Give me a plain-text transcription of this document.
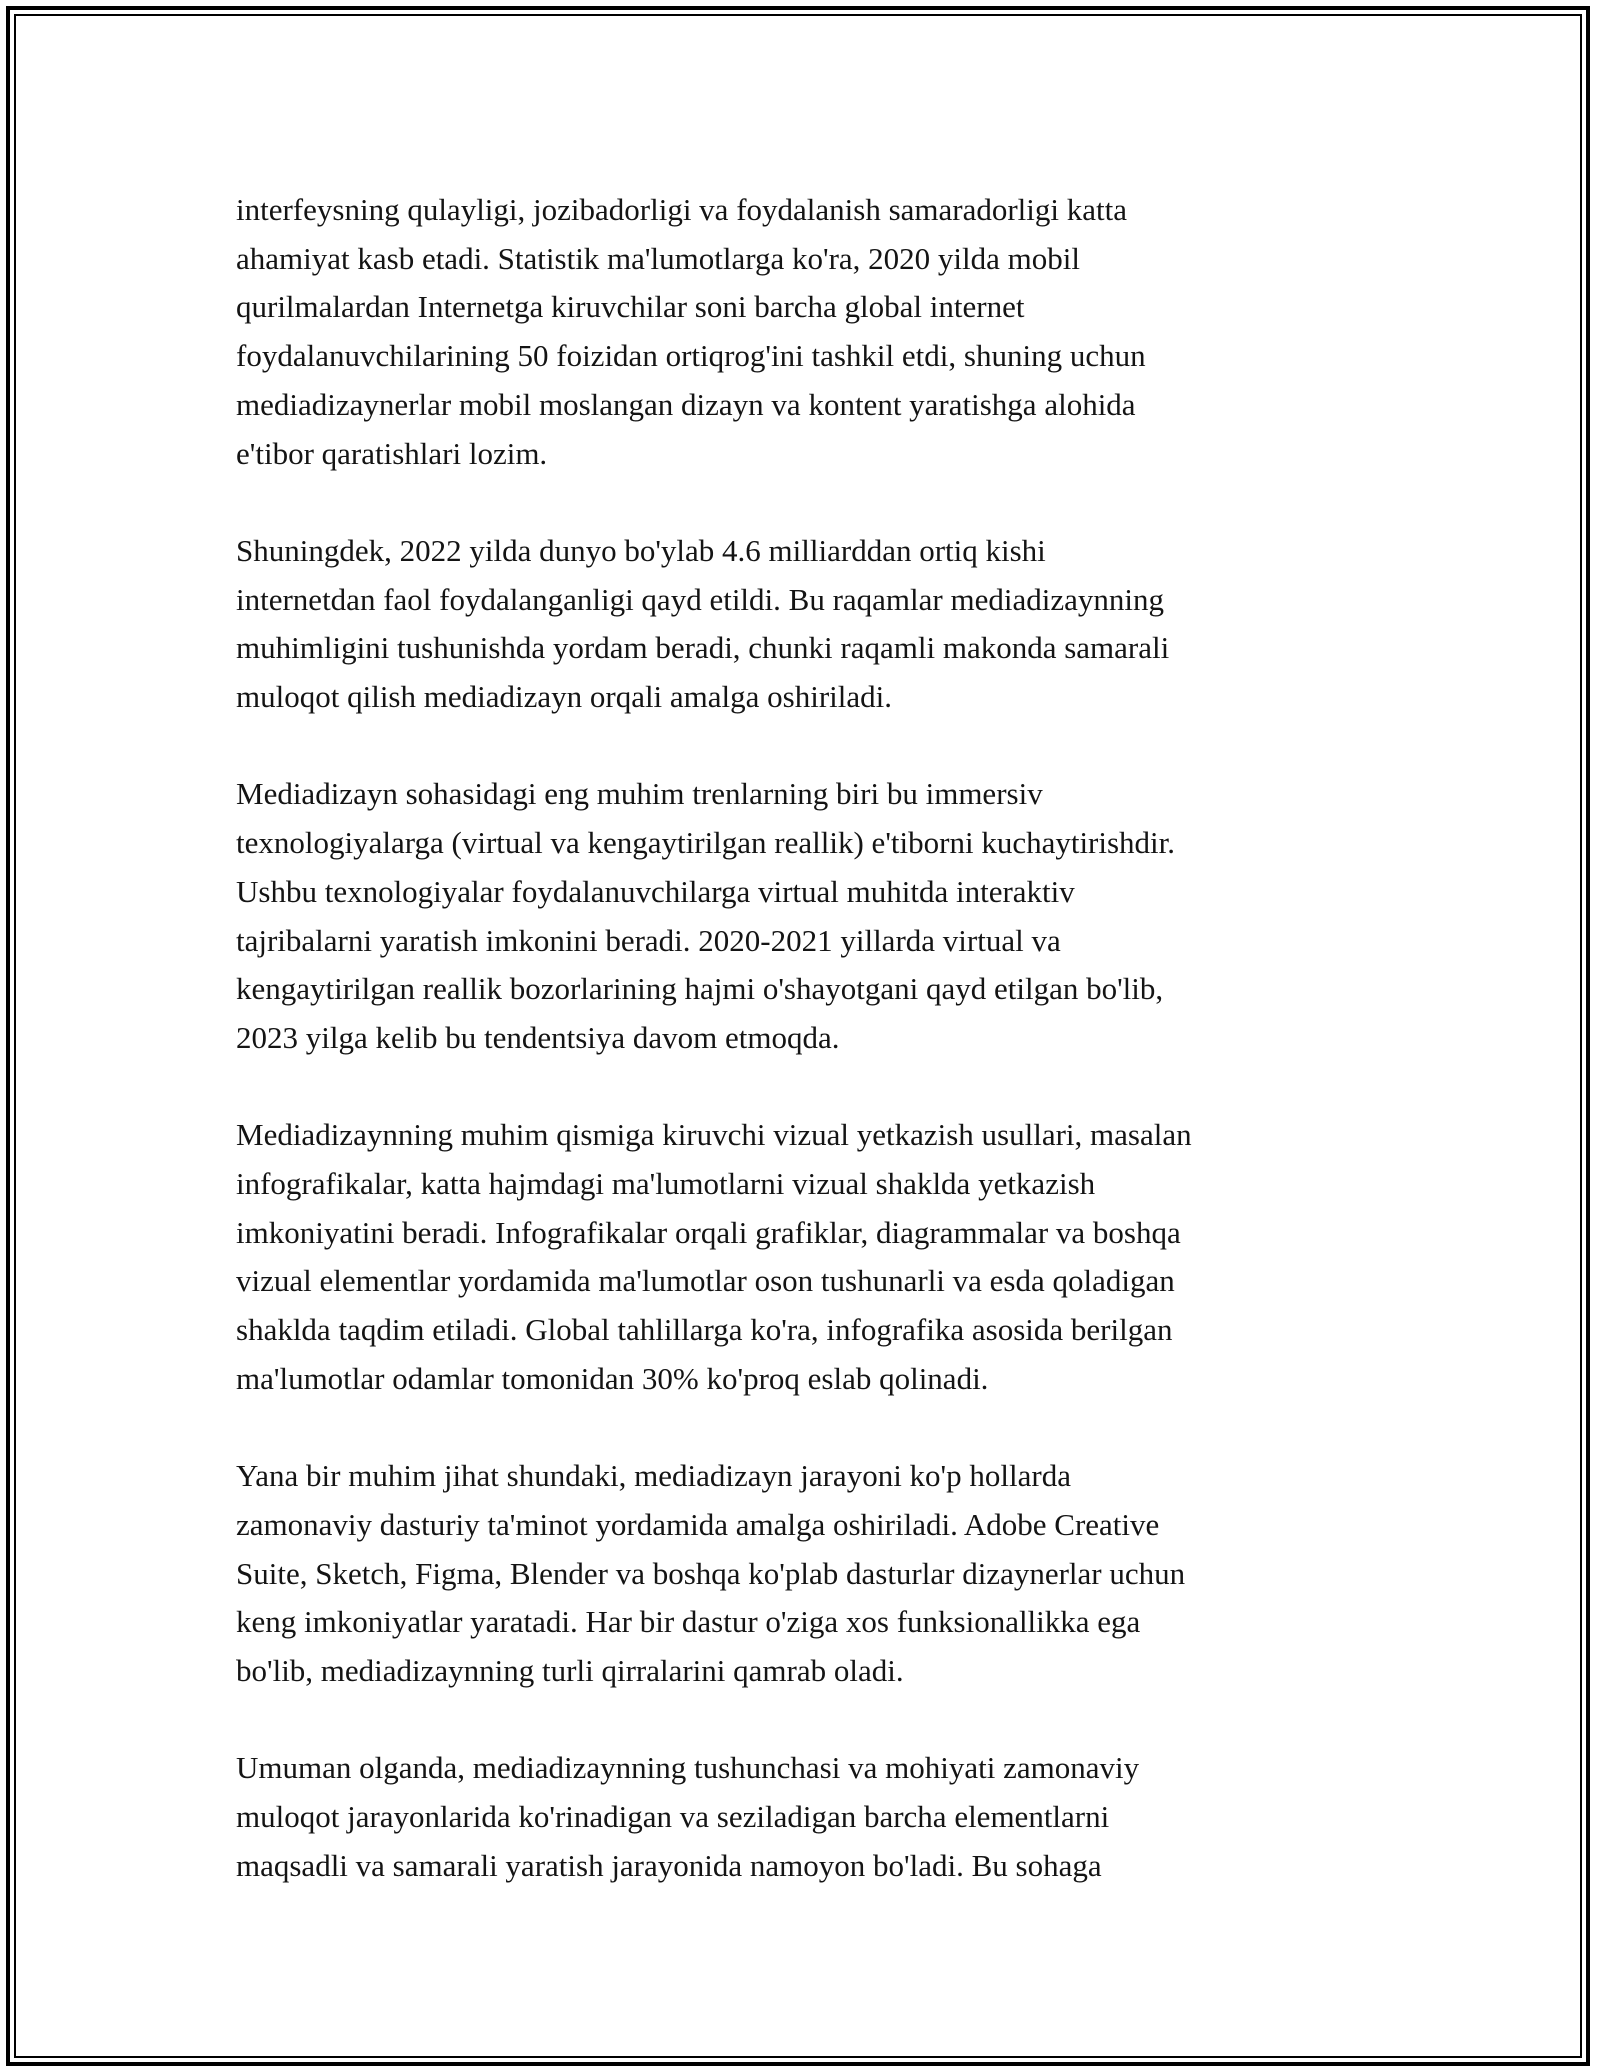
interfeysning qulayligi, jozibadorligi va foydalanish samaradorligi katta
ahamiyat kasb etadi. Statistik ma'lumotlarga ko'ra, 2020 yilda mobil
qurilmalardan Internetga kiruvchilar soni barcha global internet
foydalanuvchilarining 50 foizidan ortiqrog'ini tashkil etdi, shuning uchun
mediadizaynerlar mobil moslangan dizayn va kontent yaratishga alohida
e'tibor qaratishlari lozim.

Shuningdek, 2022 yilda dunyo bo'ylab 4.6 milliarddan ortiq kishi
internetdan faol foydalanganligi qayd etildi. Bu raqamlar mediadizaynning
muhimligini tushunishda yordam beradi, chunki raqamli makonda samarali
muloqot qilish mediadizayn orqali amalga oshiriladi.

Mediadizayn sohasidagi eng muhim trenlarning biri bu immersiv
texnologiyalarga (virtual va kengaytirilgan reallik) e'tiborni kuchaytirishdir.
Ushbu texnologiyalar foydalanuvchilarga virtual muhitda interaktiv
tajribalarni yaratish imkonini beradi. 2020-2021 yillarda virtual va
kengaytirilgan reallik bozorlarining hajmi o'shayotgani qayd etilgan bo'lib,
2023 yilga kelib bu tendentsiya davom etmoqda.

Mediadizaynning muhim qismiga kiruvchi vizual yetkazish usullari, masalan
infografikalar, katta hajmdagi ma'lumotlarni vizual shaklda yetkazish
imkoniyatini beradi. Infografikalar orqali grafiklar, diagrammalar va boshqa
vizual elementlar yordamida ma'lumotlar oson tushunarli va esda qoladigan
shaklda taqdim etiladi. Global tahlillarga ko'ra, infografika asosida berilgan
ma'lumotlar odamlar tomonidan 30% ko'proq eslab qolinadi.

Yana bir muhim jihat shundaki, mediadizayn jarayoni ko'p hollarda
zamonaviy dasturiy ta'minot yordamida amalga oshiriladi. Adobe Creative
Suite, Sketch, Figma, Blender va boshqa ko'plab dasturlar dizaynerlar uchun
keng imkoniyatlar yaratadi. Har bir dastur o'ziga xos funksionallikka ega
bo'lib, mediadizaynning turli qirralarini qamrab oladi.

Umuman olganda, mediadizaynning tushunchasi va mohiyati zamonaviy
muloqot jarayonlarida ko'rinadigan va seziladigan barcha elementlarni
maqsadli va samarali yaratish jarayonida namoyon bo'ladi. Bu sohaga
